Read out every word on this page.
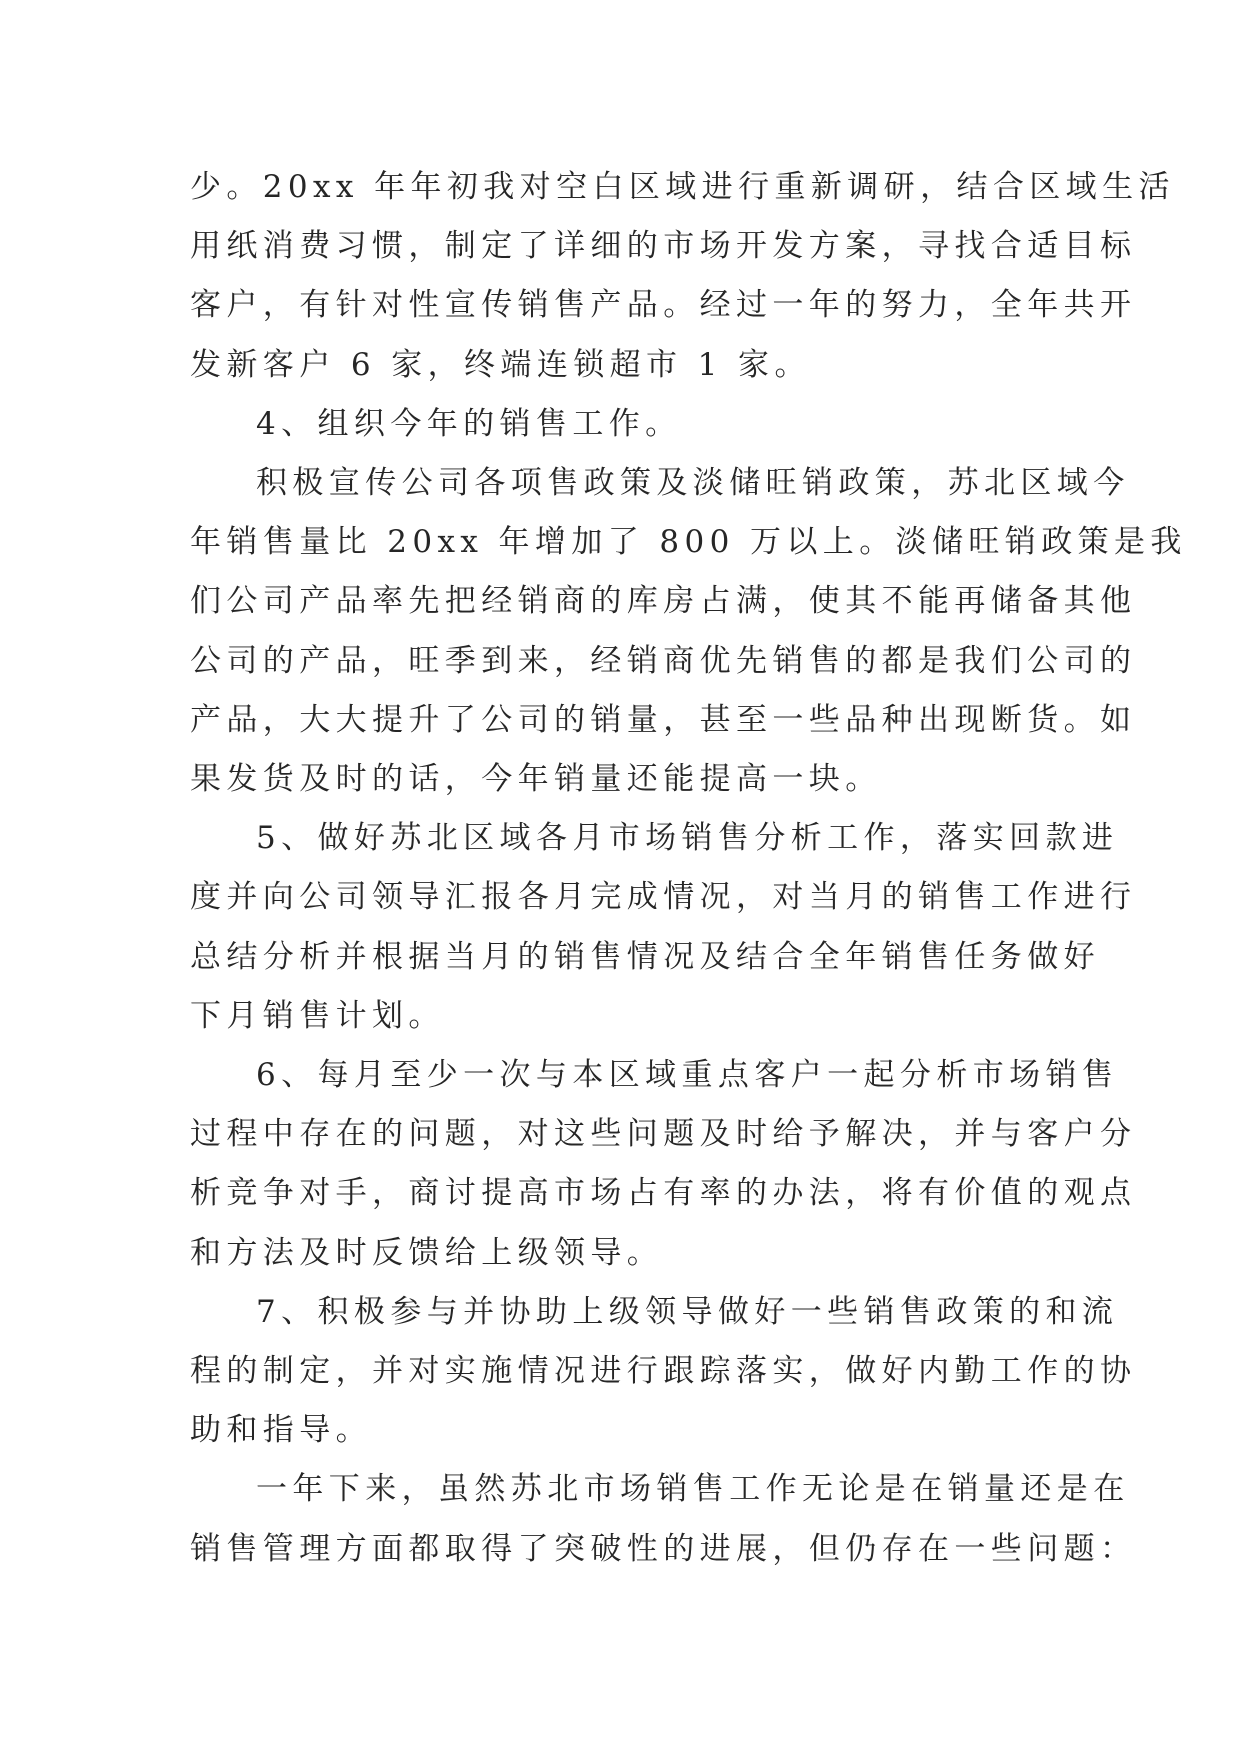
少。20xx 年年初我对空白区域进行重新调研，结合区域生活
用纸消费习惯，制定了详细的市场开发方案，寻找合适目标
客户，有针对性宣传销售产品。经过一年的努力，全年共开
发新客户 6 家，终端连锁超市 1 家。
4、组织今年的销售工作。
积极宣传公司各项售政策及淡储旺销政策，苏北区域今
年销售量比 20xx 年增加了 800 万以上。淡储旺销政策是我
们公司产品率先把经销商的库房占满，使其不能再储备其他
公司的产品，旺季到来，经销商优先销售的都是我们公司的
产品，大大提升了公司的销量，甚至一些品种出现断货。如
果发货及时的话，今年销量还能提高一块。
5、做好苏北区域各月市场销售分析工作，落实回款进
度并向公司领导汇报各月完成情况，对当月的销售工作进行
总结分析并根据当月的销售情况及结合全年销售任务做好
下月销售计划。
6、每月至少一次与本区域重点客户一起分析市场销售
过程中存在的问题，对这些问题及时给予解决，并与客户分
析竞争对手，商讨提高市场占有率的办法，将有价值的观点
和方法及时反馈给上级领导。
7、积极参与并协助上级领导做好一些销售政策的和流
程的制定，并对实施情况进行跟踪落实，做好内勤工作的协
助和指导。
一年下来，虽然苏北市场销售工作无论是在销量还是在
销售管理方面都取得了突破性的进展，但仍存在一些问题：
